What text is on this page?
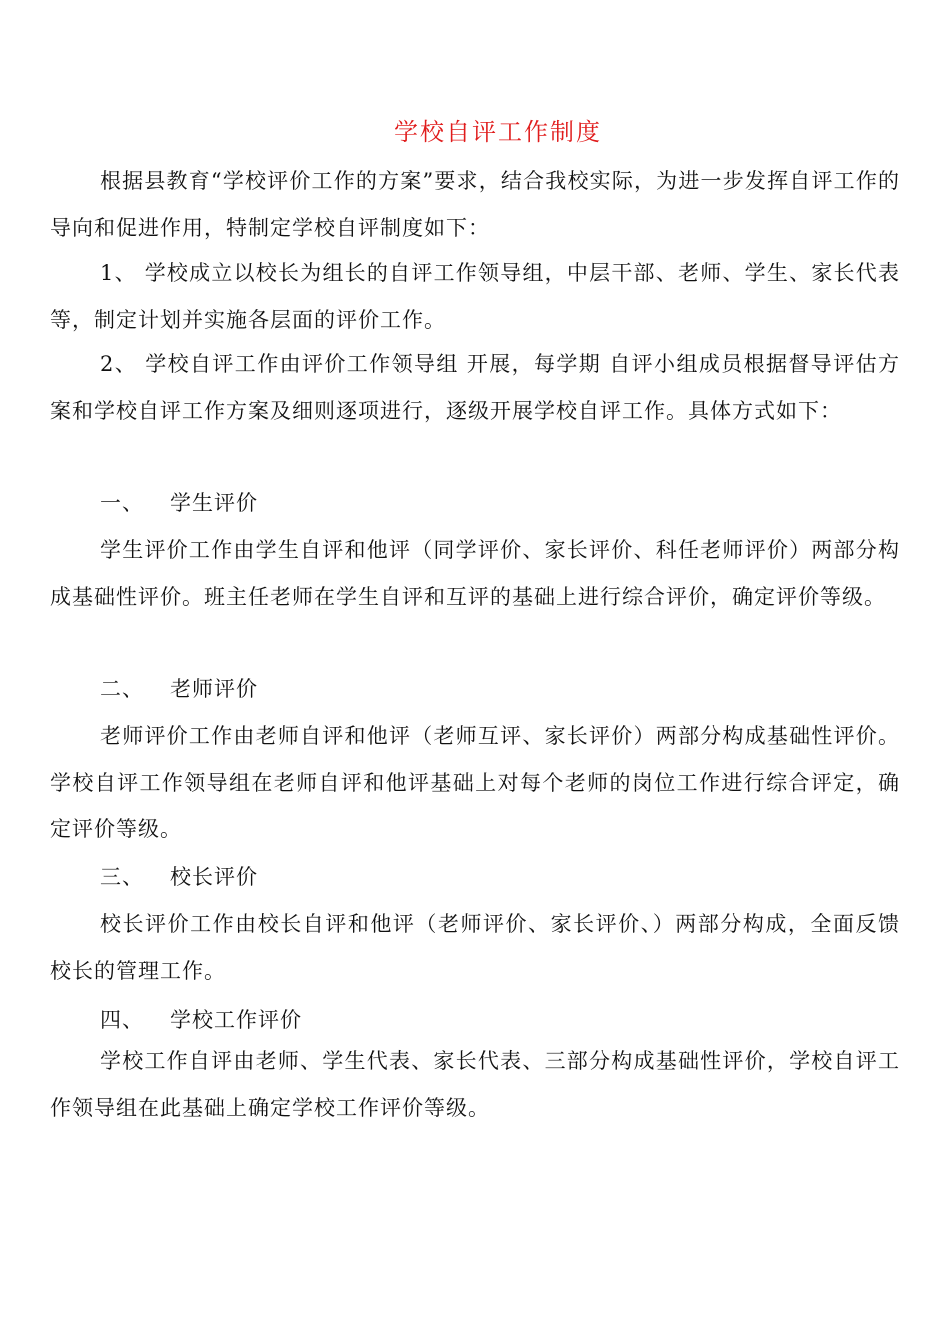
学校自评工作制度

根据县教育“学校评价工作的方案”要求，结合我校实际，为进一步发挥自评工作的导向和促进作用，特制定学校自评制度如下：

1、 学校成立以校长为组长的自评工作领导组，中层干部、老师、学生、家长代表等，制定计划并实施各层面的评价工作。

2、 学校自评工作由评价工作领导组 开展，每学期 自评小组成员根据督导评估方案和学校自评工作方案及细则逐项进行，逐级开展学校自评工作。具体方式如下：

一、 学生评价

学生评价工作由学生自评和他评（同学评价、家长评价、科任老师评价）两部分构成基础性评价。班主任老师在学生自评和互评的基础上进行综合评价，确定评价等级。

二、 老师评价

老师评价工作由老师自评和他评（老师互评、家长评价）两部分构成基础性评价。学校自评工作领导组在老师自评和他评基础上对每个老师的岗位工作进行综合评定，确定评价等级。

三、 校长评价

校长评价工作由校长自评和他评（老师评价、家长评价、）两部分构成，全面反馈校长的管理工作。

四、 学校工作评价

学校工作自评由老师、学生代表、家长代表、三部分构成基础性评价，学校自评工作领导组在此基础上确定学校工作评价等级。
